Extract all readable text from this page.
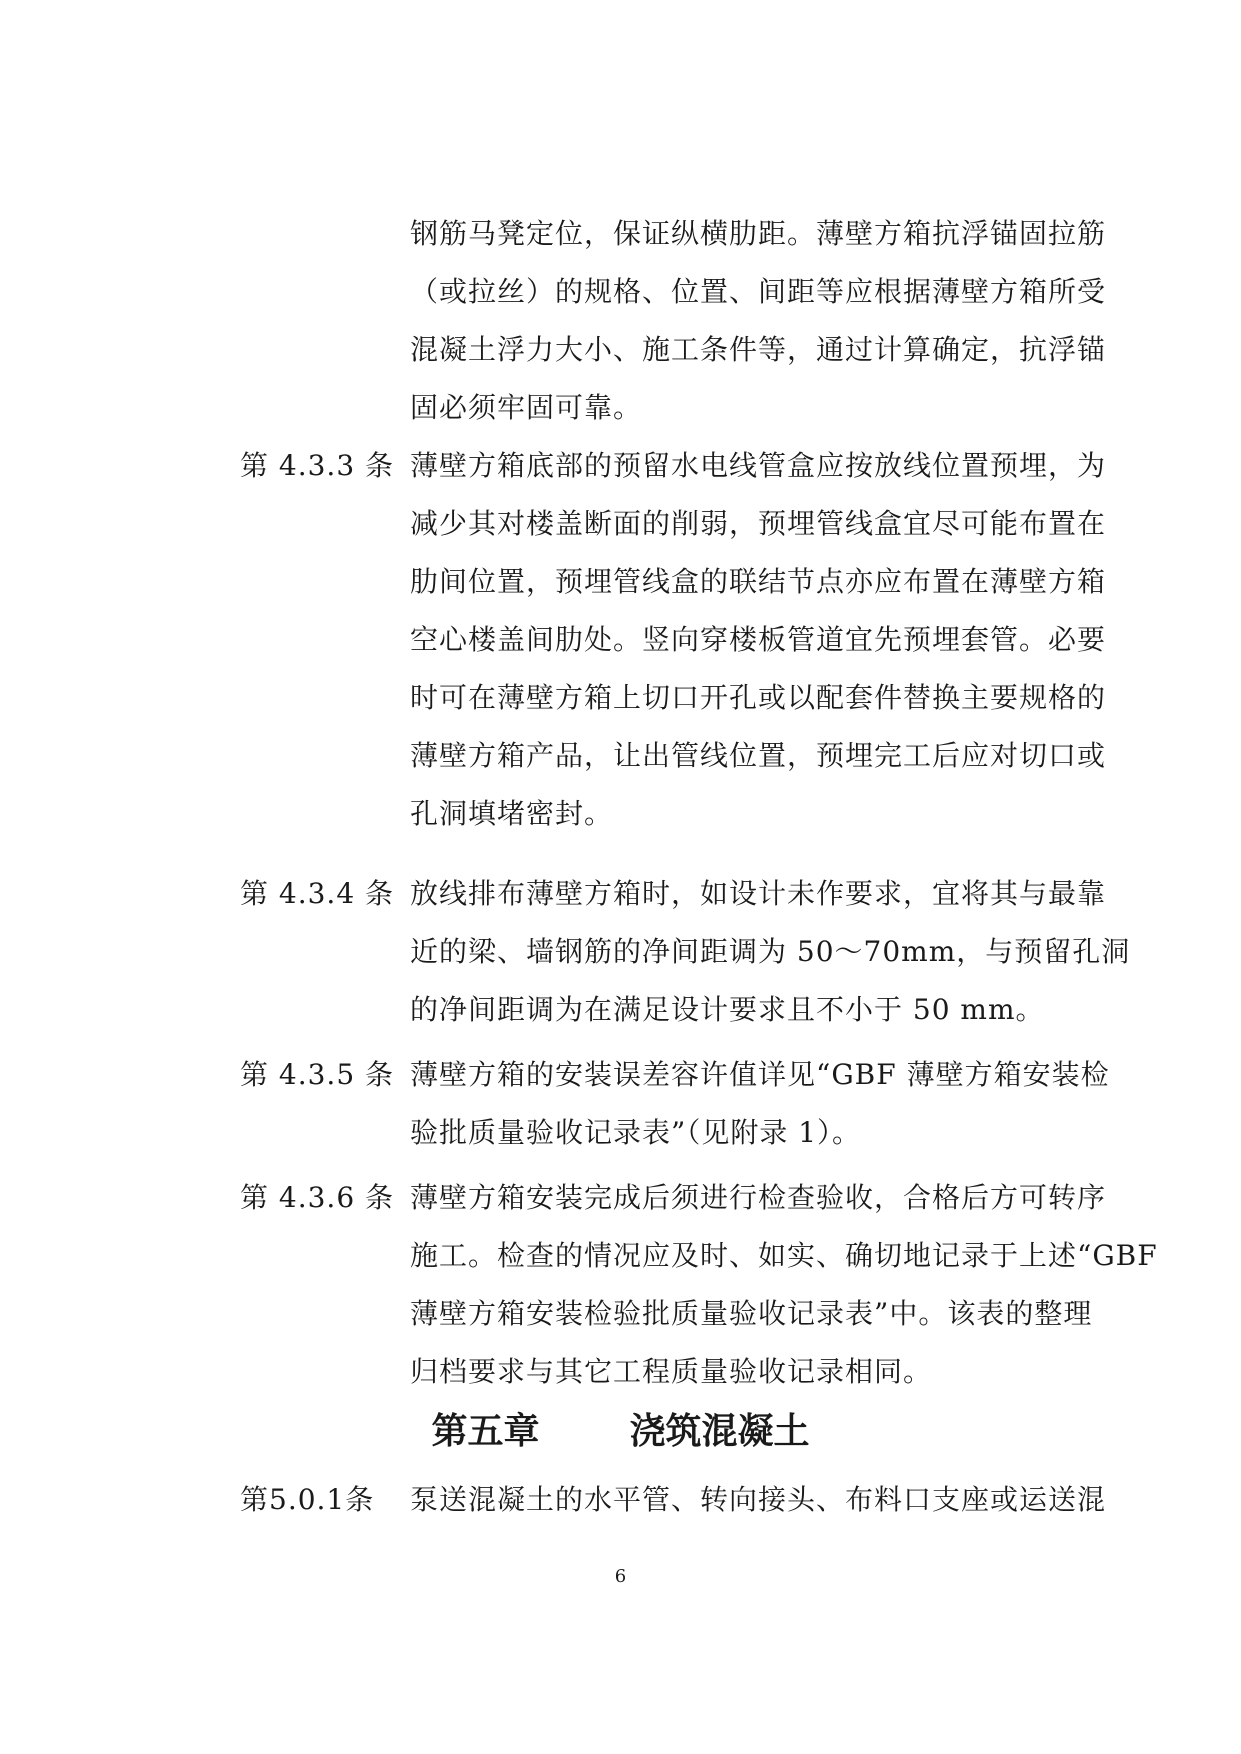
钢筋马凳定位，保证纵横肋距。薄壁方箱抗浮锚固拉筋
（或拉丝）的规格、位置、间距等应根据薄壁方箱所受
混凝土浮力大小、施工条件等，通过计算确定，抗浮锚
固必须牢固可靠。
第 4.3.3 条 薄壁方箱底部的预留水电线管盒应按放线位置预埋，为
减少其对楼盖断面的削弱，预埋管线盒宜尽可能布置在
肋间位置，预埋管线盒的联结节点亦应布置在薄壁方箱
空心楼盖间肋处。竖向穿楼板管道宜先预埋套管。必要
时可在薄壁方箱上切口开孔或以配套件替换主要规格的
薄壁方箱产品，让出管线位置，预埋完工后应对切口或
孔洞填堵密封。
第 4.3.4 条 放线排布薄壁方箱时，如设计未作要求，宜将其与最靠
近的梁、墙钢筋的净间距调为 50～70mm，与预留孔洞
的净间距调为在满足设计要求且不小于 50 mm。
第 4.3.5 条 薄壁方箱的安装误差容许值详见“GBF 薄壁方箱安装检
验批质量验收记录表”（见附录 1）。
第 4.3.6 条 薄壁方箱安装完成后须进行检查验收，合格后方可转序
施工。检查的情况应及时、如实、确切地记录于上述“GBF
薄壁方箱安装检验批质量验收记录表”中。该表的整理
归档要求与其它工程质量验收记录相同。
第五章	浇筑混凝土
第5.0.1条	泵送混凝土的水平管、转向接头、布料口支座或运送混
6
